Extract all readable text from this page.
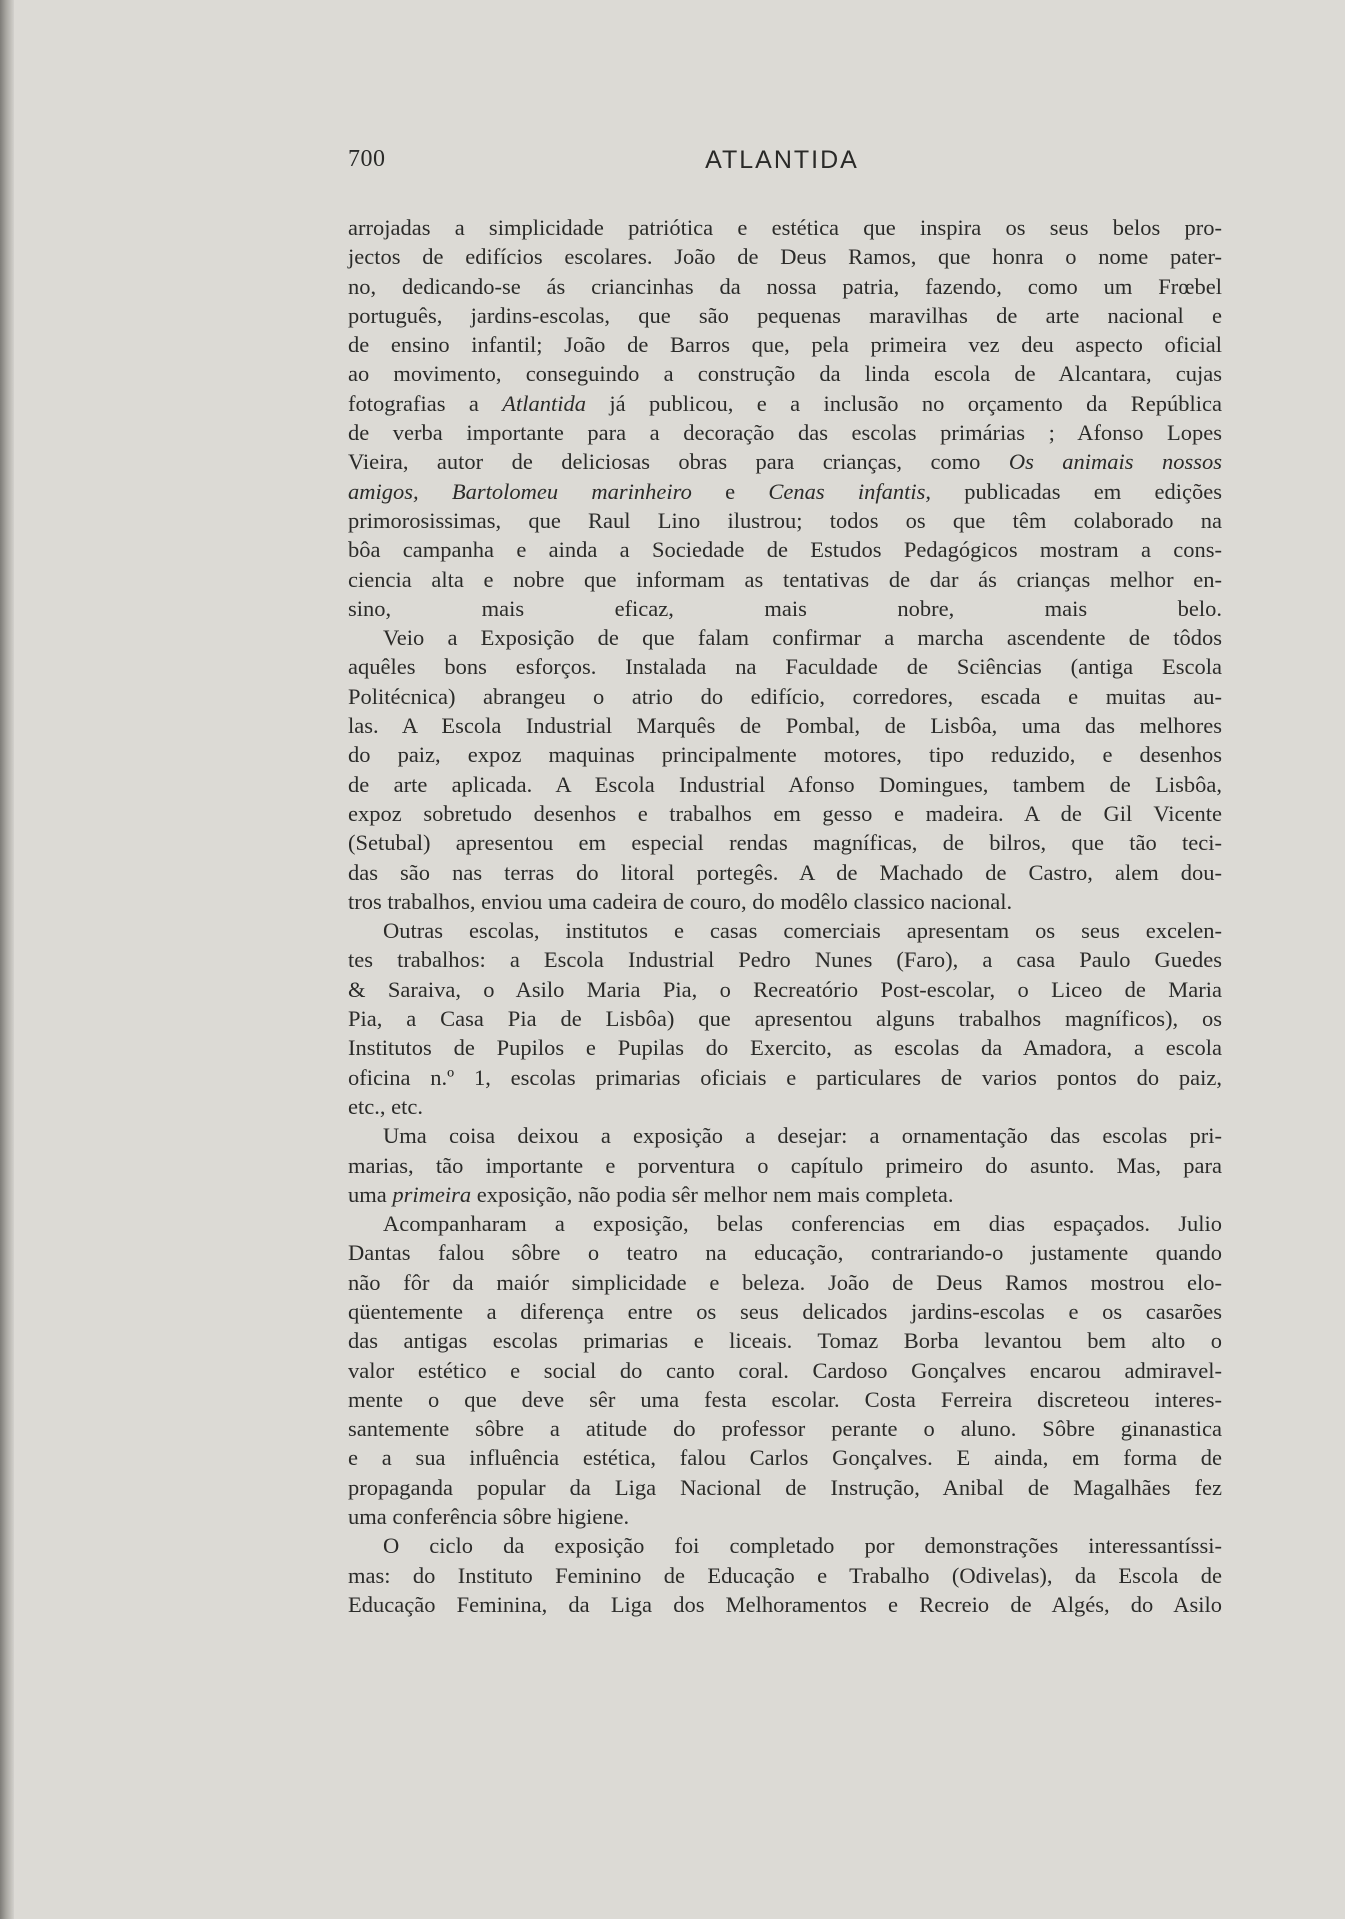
700	ATLANTIDA

arrojadas a simplicidade patriótica e estética que inspira os seus belos pro-
jectos de edifícios escolares. João de Deus Ramos, que honra o nome pater-
no, dedicando-se ás criancinhas da nossa patria, fazendo, como um Frœbel
português, jardins-escolas, que são pequenas maravilhas de arte nacional e
de ensino infantil; João de Barros que, pela primeira vez deu aspecto oficial
ao movimento, conseguindo a construção da linda escola de Alcantara, cujas
fotografias a Atlantida já publicou, e a inclusão no orçamento da República
de verba importante para a decoração das escolas primárias ; Afonso Lopes
Vieira, autor de deliciosas obras para crianças, como Os animais nossos
amigos, Bartolomeu marinheiro e Cenas infantis, publicadas em edições
primorosissimas, que Raul Lino ilustrou; todos os que têm colaborado na
bôa campanha e ainda a Sociedade de Estudos Pedagógicos mostram a cons-
ciencia alta e nobre que informam as tentativas de dar ás crianças melhor en-
sino, mais eficaz, mais nobre, mais belo.

Veio a Exposição de que falam confirmar a marcha ascendente de tôdos
aquêles bons esforços. Instalada na Faculdade de Sciências (antiga Escola
Politécnica) abrangeu o atrio do edifício, corredores, escada e muitas au-
las. A Escola Industrial Marquês de Pombal, de Lisbôa, uma das melhores
do paiz, expoz maquinas principalmente motores, tipo reduzido, e desenhos
de arte aplicada. A Escola Industrial Afonso Domingues, tambem de Lisbôa,
expoz sobretudo desenhos e trabalhos em gesso e madeira. A de Gil Vicente
(Setubal) apresentou em especial rendas magníficas, de bilros, que tão teci-
das são nas terras do litoral portegês. A de Machado de Castro, alem dou-
tros trabalhos, enviou uma cadeira de couro, do modêlo classico nacional.

Outras escolas, institutos e casas comerciais apresentam os seus excelen-
tes trabalhos: a Escola Industrial Pedro Nunes (Faro), a casa Paulo Guedes
& Saraiva, o Asilo Maria Pia, o Recreatório Post-escolar, o Liceo de Maria
Pia, a Casa Pia de Lisbôa) que apresentou alguns trabalhos magníficos), os
Institutos de Pupilos e Pupilas do Exercito, as escolas da Amadora, a escola
oficina n.º 1, escolas primarias oficiais e particulares de varios pontos do paiz,
etc., etc.

Uma coisa deixou a exposição a desejar: a ornamentação das escolas pri-
marias, tão importante e porventura o capítulo primeiro do asunto. Mas, para
uma primeira exposição, não podia sêr melhor nem mais completa.

Acompanharam a exposição, belas conferencias em dias espaçados. Julio
Dantas falou sôbre o teatro na educação, contrariando-o justamente quando
não fôr da maiór simplicidade e beleza. João de Deus Ramos mostrou elo-
qüentemente a diferença entre os seus delicados jardins-escolas e os casarões
das antigas escolas primarias e liceais. Tomaz Borba levantou bem alto o
valor estético e social do canto coral. Cardoso Gonçalves encarou admiravel-
mente o que deve sêr uma festa escolar. Costa Ferreira discreteou interes-
santemente sôbre a atitude do professor perante o aluno. Sôbre ginanastica
e a sua influência estética, falou Carlos Gonçalves. E ainda, em forma de
propaganda popular da Liga Nacional de Instrução, Anibal de Magalhães fez
uma conferência sôbre higiene.

O ciclo da exposição foi completado por demonstrações interessantíssi-
mas: do Instituto Feminino de Educação e Trabalho (Odivelas), da Escola de
Educação Feminina, da Liga dos Melhoramentos e Recreio de Algés, do Asilo
